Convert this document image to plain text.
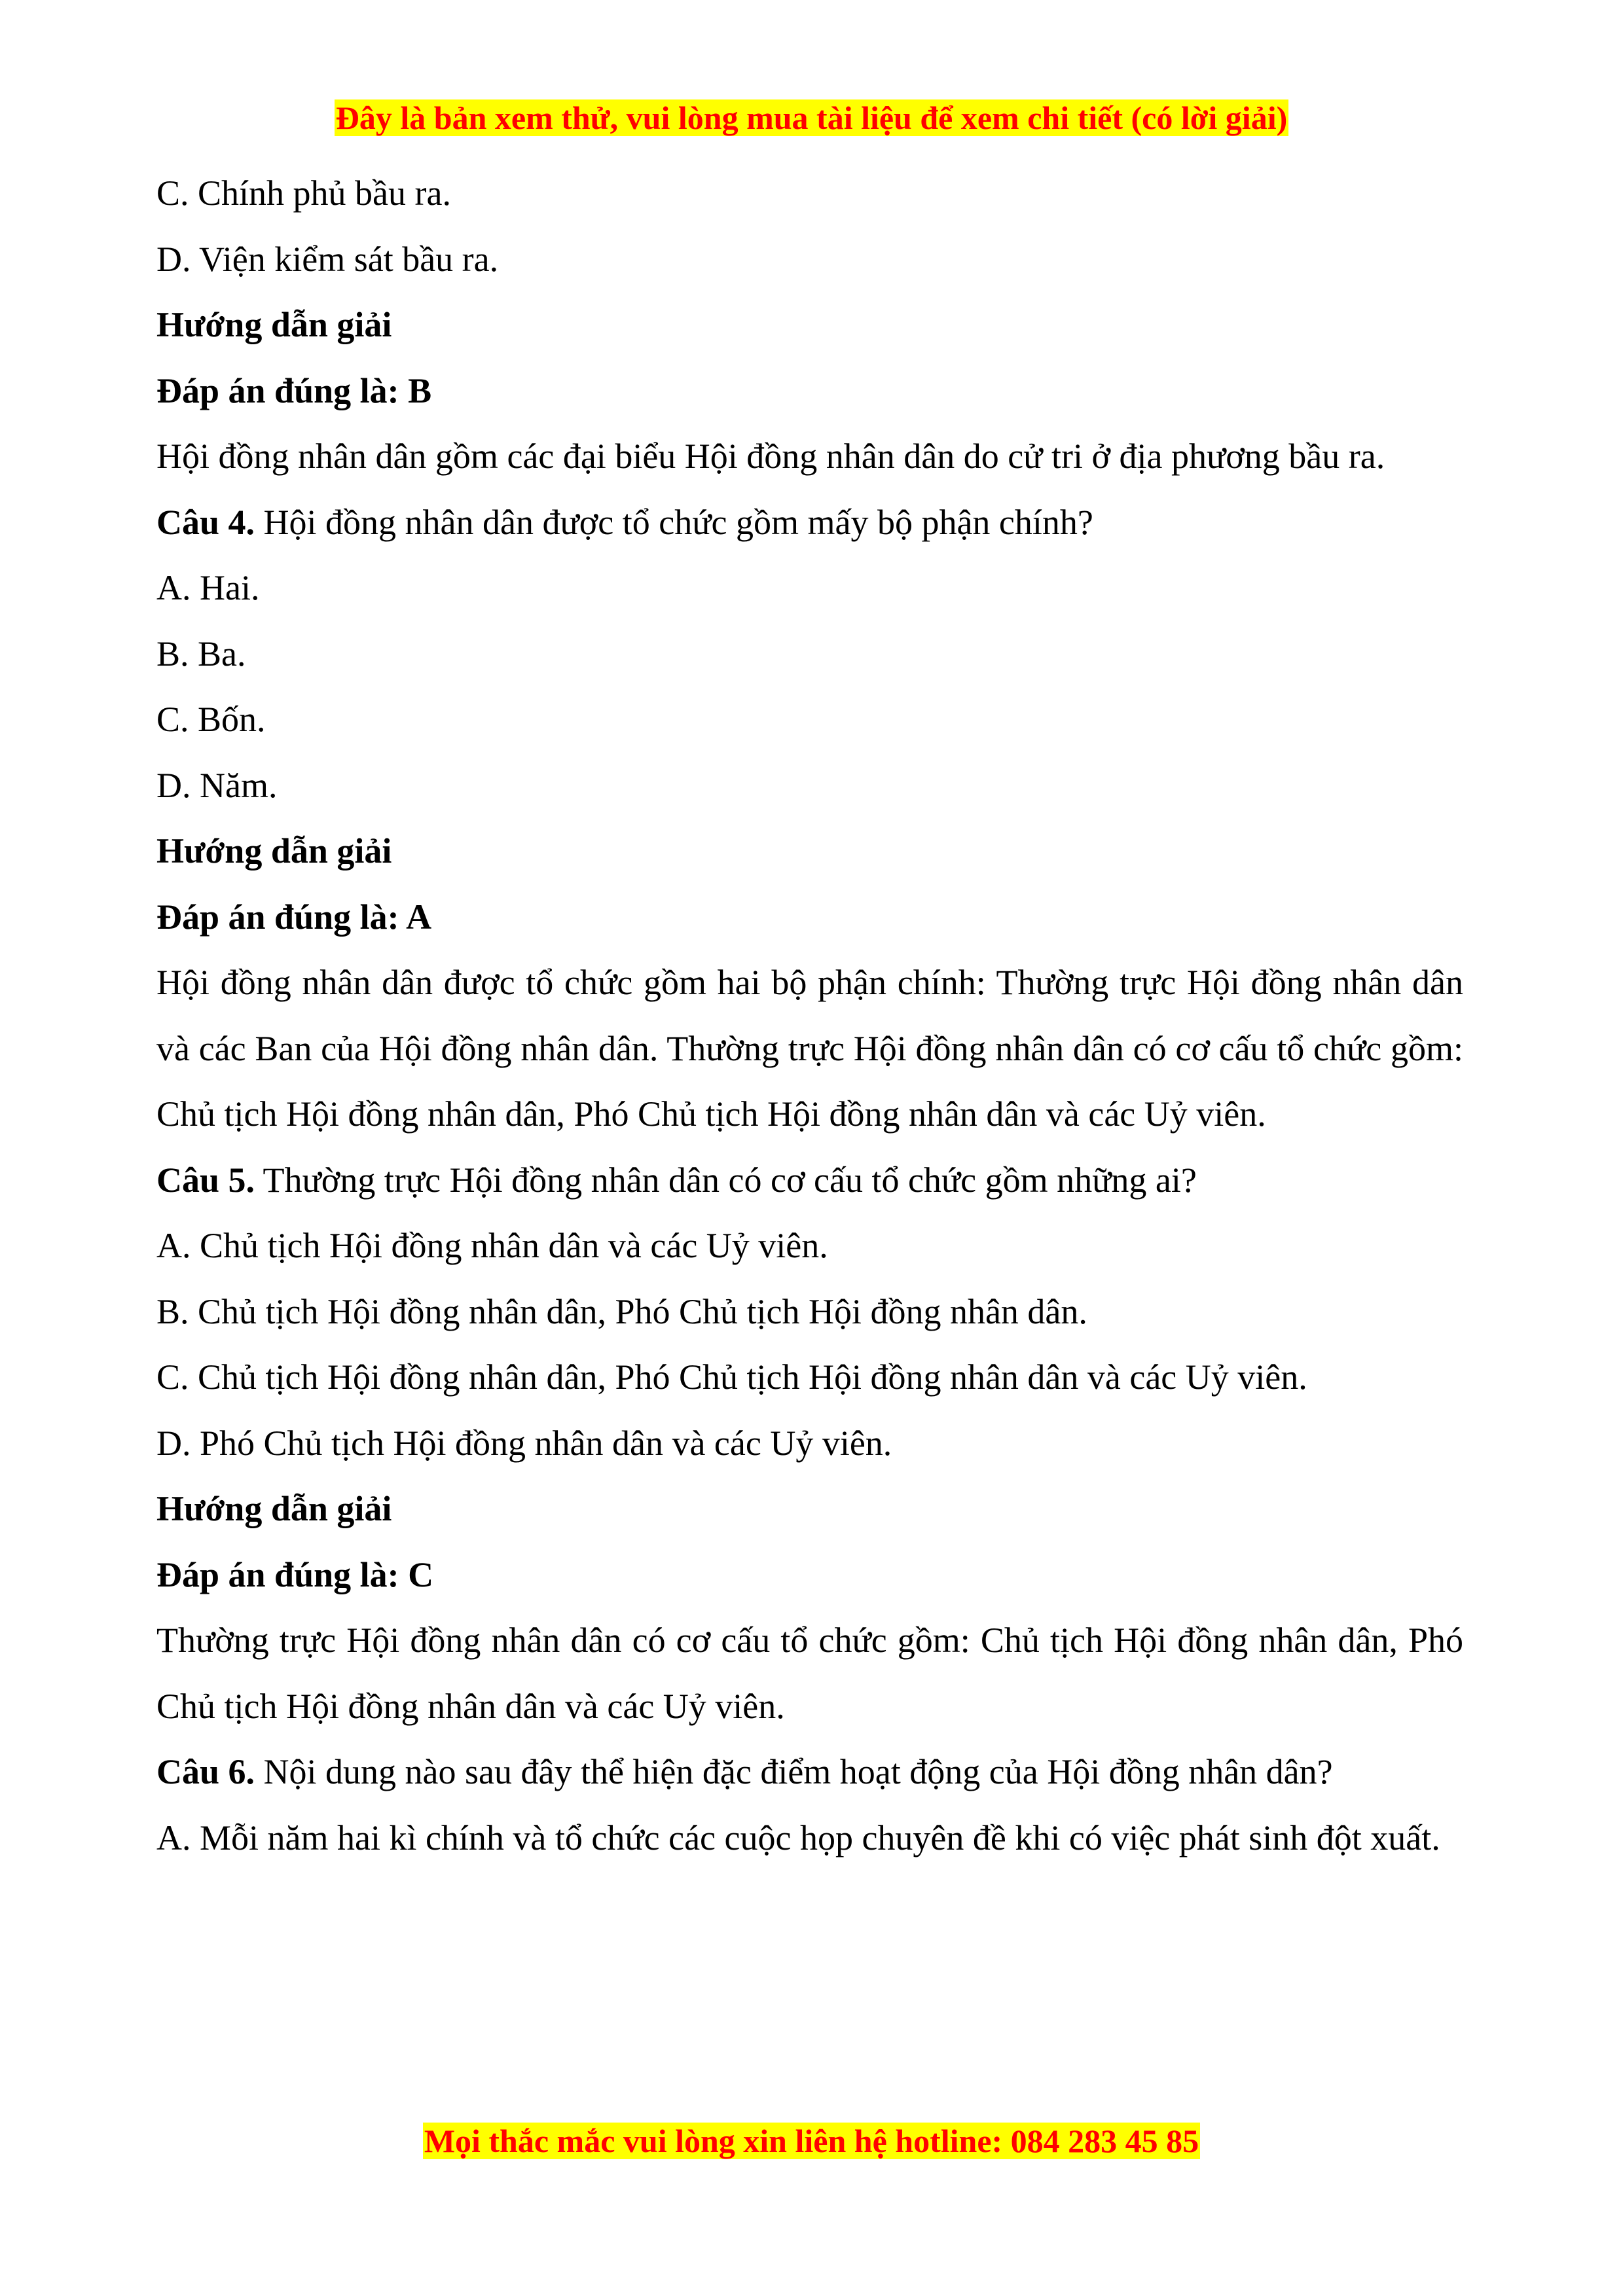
Đây là bản xem thử, vui lòng mua tài liệu để xem chi tiết (có lời giải)

C. Chính phủ bầu ra.

D. Viện kiểm sát bầu ra.

Hướng dẫn giải

Đáp án đúng là: B

Hội đồng nhân dân gồm các đại biểu Hội đồng nhân dân do cử tri ở địa phương bầu ra.

Câu 4. Hội đồng nhân dân được tổ chức gồm mấy bộ phận chính?

A. Hai.

B. Ba.

C. Bốn.

D. Năm.

Hướng dẫn giải

Đáp án đúng là: A

Hội đồng nhân dân được tổ chức gồm hai bộ phận chính: Thường trực Hội đồng nhân dân và các Ban của Hội đồng nhân dân. Thường trực Hội đồng nhân dân có cơ cấu tổ chức gồm: Chủ tịch Hội đồng nhân dân, Phó Chủ tịch Hội đồng nhân dân và các Uỷ viên.

Câu 5. Thường trực Hội đồng nhân dân có cơ cấu tổ chức gồm những ai?

A. Chủ tịch Hội đồng nhân dân và các Uỷ viên.

B. Chủ tịch Hội đồng nhân dân, Phó Chủ tịch Hội đồng nhân dân.

C. Chủ tịch Hội đồng nhân dân, Phó Chủ tịch Hội đồng nhân dân và các Uỷ viên.

D. Phó Chủ tịch Hội đồng nhân dân và các Uỷ viên.

Hướng dẫn giải

Đáp án đúng là: C

Thường trực Hội đồng nhân dân có cơ cấu tổ chức gồm: Chủ tịch Hội đồng nhân dân, Phó Chủ tịch Hội đồng nhân dân và các Uỷ viên.

Câu 6. Nội dung nào sau đây thể hiện đặc điểm hoạt động của Hội đồng nhân dân?

A. Mỗi năm hai kì chính và tổ chức các cuộc họp chuyên đề khi có việc phát sinh đột xuất.

Mọi thắc mắc vui lòng xin liên hệ hotline: 084 283 45 85
